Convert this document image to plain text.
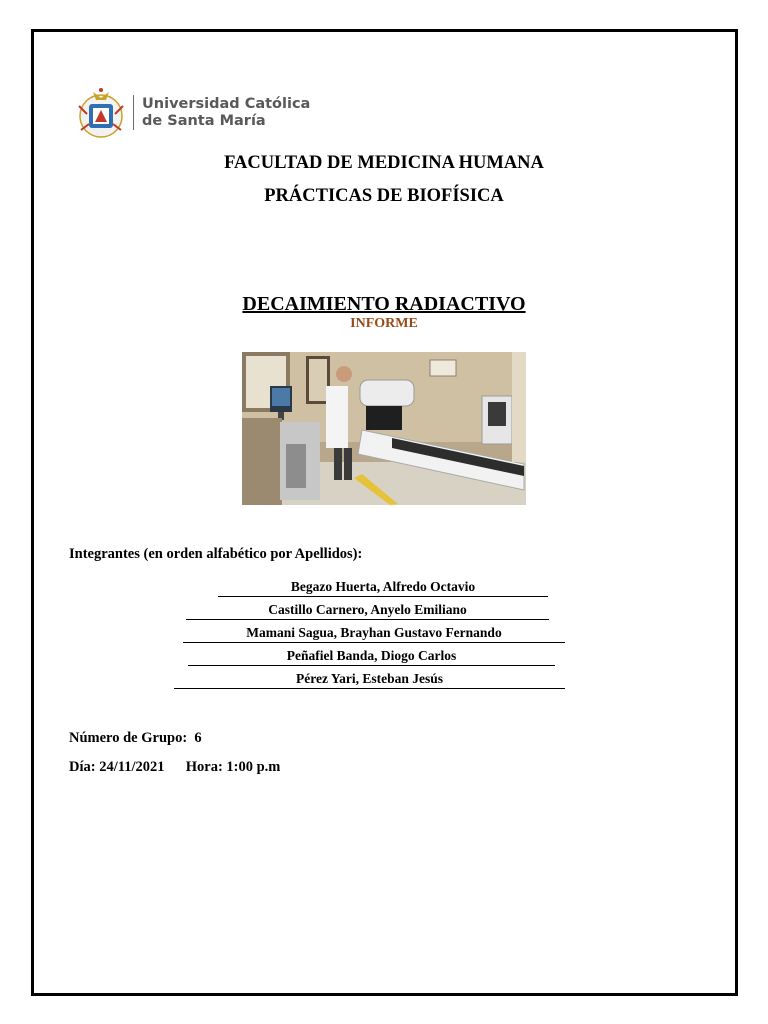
Universidad Católica
de Santa María
FACULTAD DE MEDICINA HUMANA
PRÁCTICAS DE BIOFÍSICA
DECAIMIENTO RADIACTIVO
INFORME
Integrantes (en orden alfabético por Apellidos):
Begazo Huerta, Alfredo Octavio
Castillo Carnero, Anyelo Emiliano
Mamani Sagua, Brayhan Gustavo Fernando
Peñafiel Banda, Diogo Carlos
Pérez Yari, Esteban Jesús
Número de Grupo: 6
Día: 24/11/2021 Hora: 1:00 p.m
